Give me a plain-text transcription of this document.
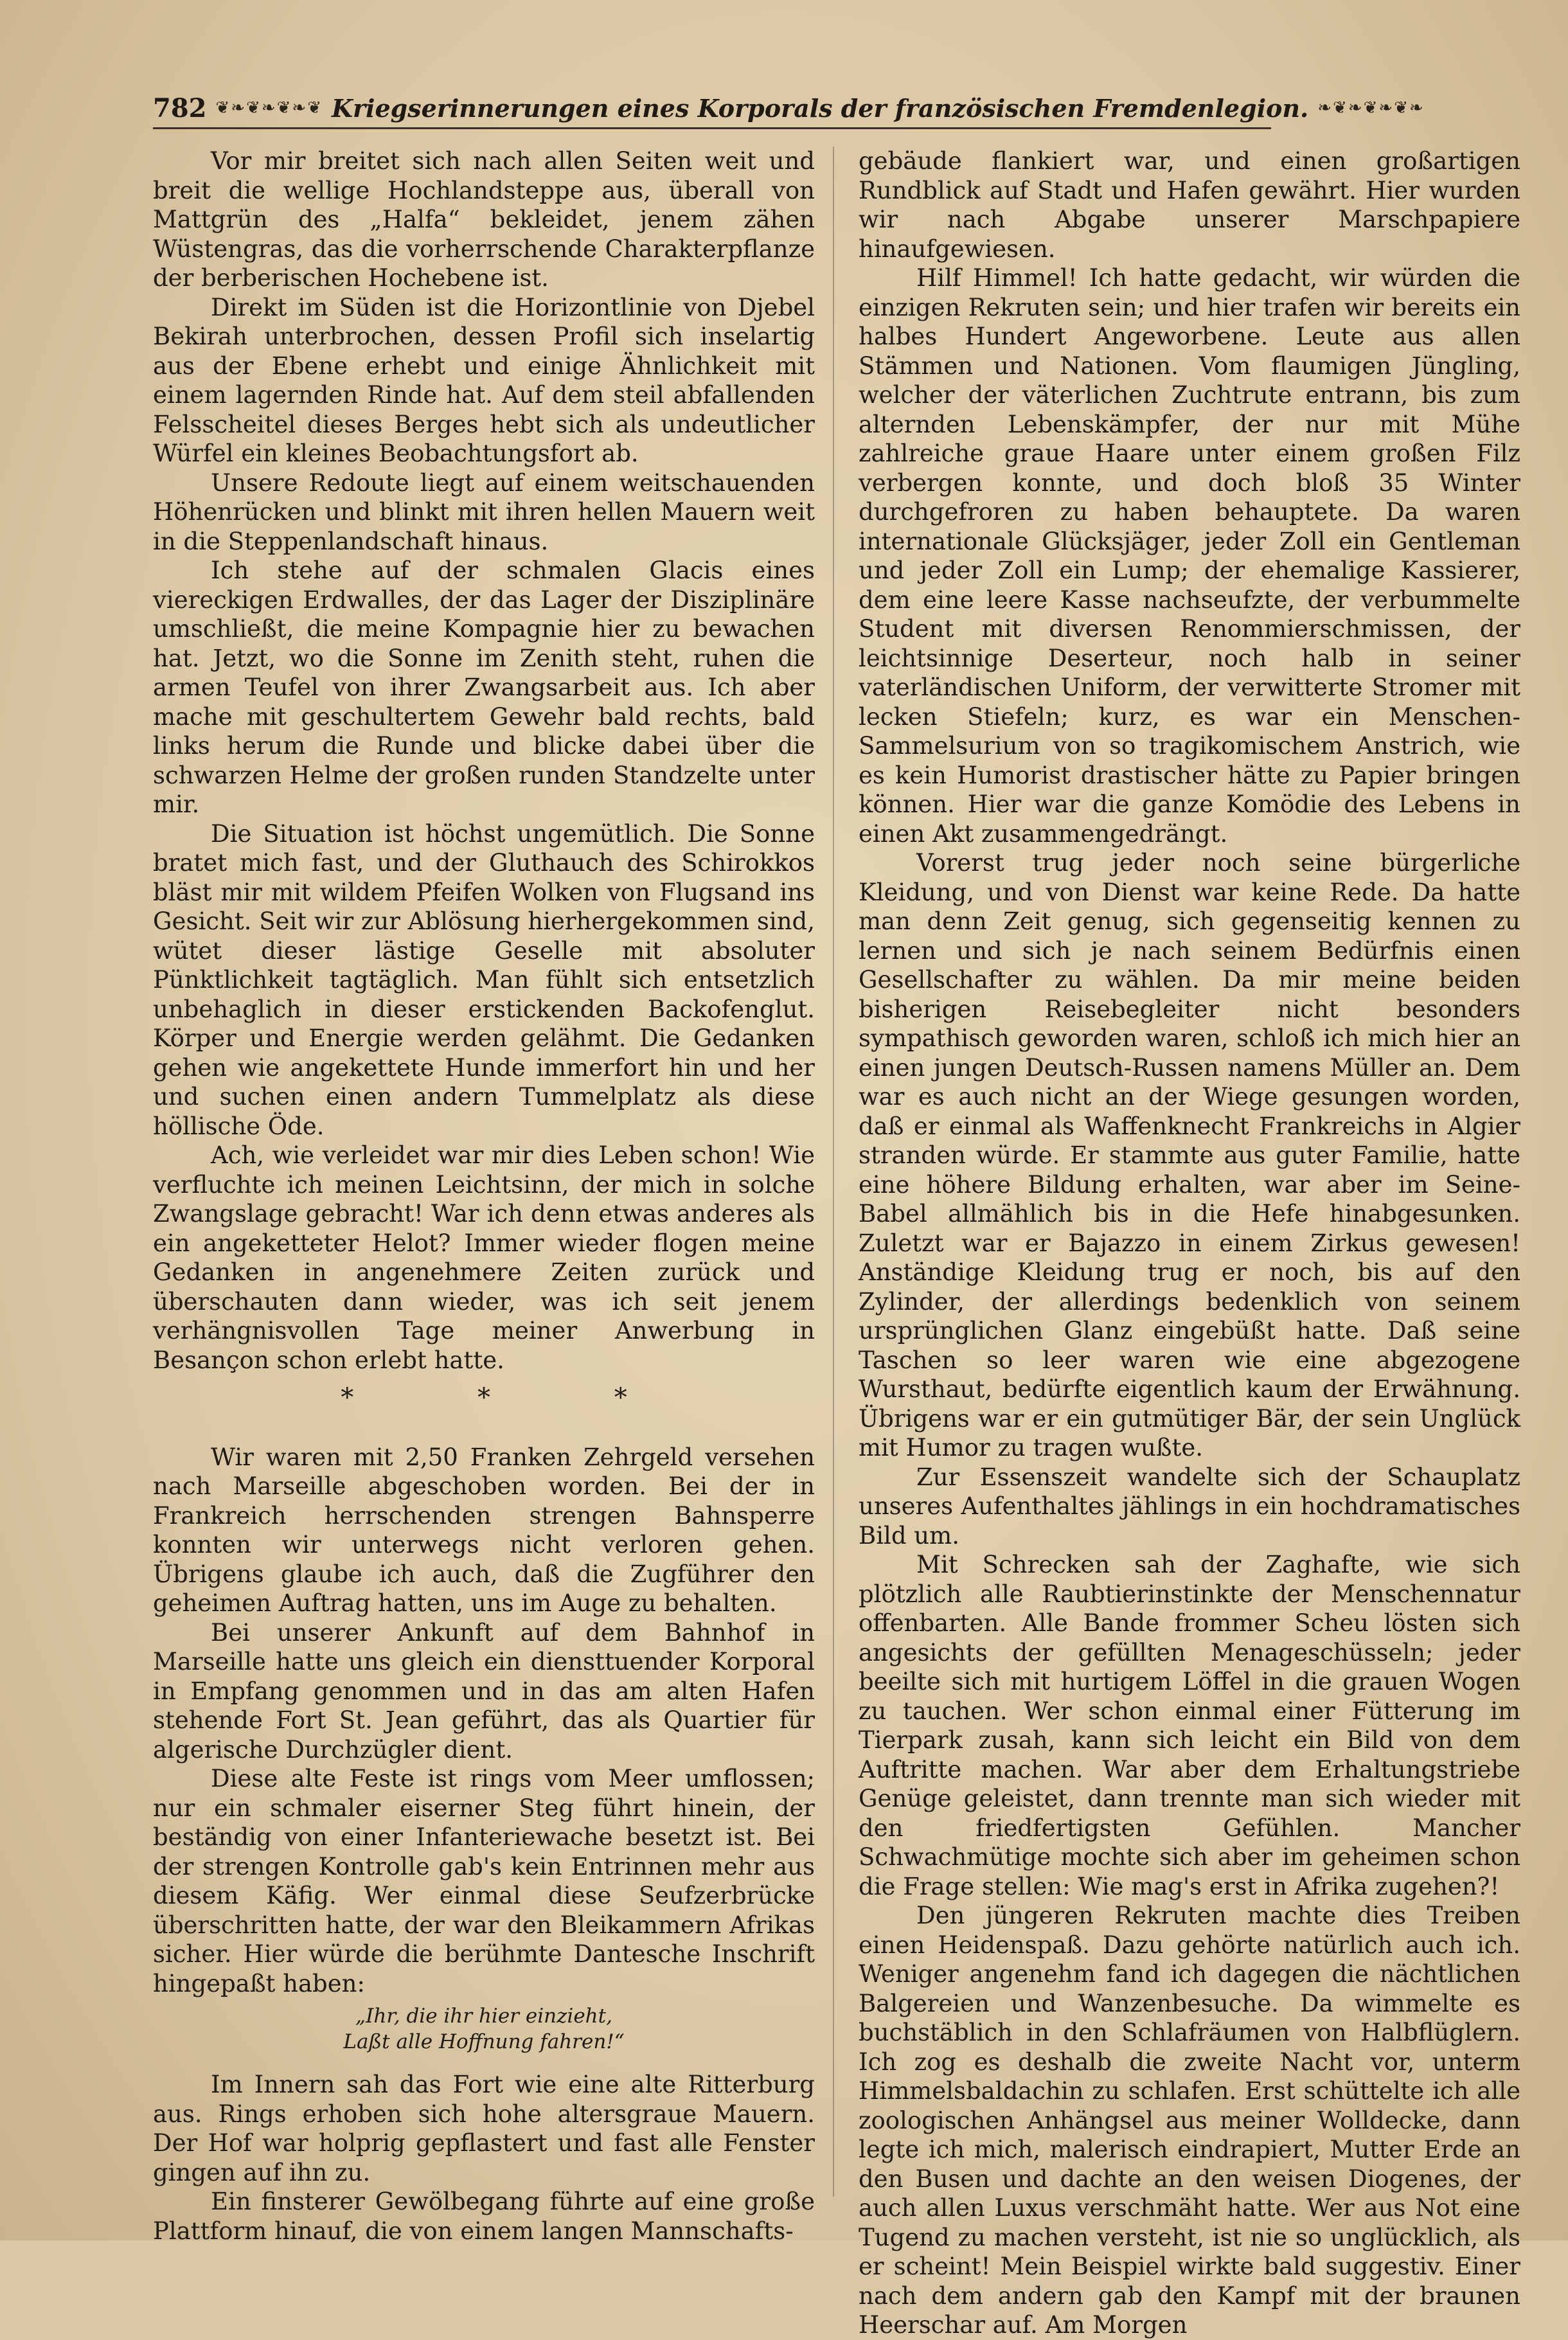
782 ❦❧❦❧❦❧❦ Kriegserinnerungen eines Korporals der französischen Fremdenlegion. ❧❦❧❦❧❦❧

Vor mir breitet sich nach allen Seiten weit und breit die wellige Hochlandsteppe aus, überall von Mattgrün des „Halfa“ bekleidet, jenem zähen Wüstengras, das die vorherrschende Charakterpflanze der berberischen Hochebene ist.

Direkt im Süden ist die Horizontlinie von Djebel Bekirah unterbrochen, dessen Profil sich inselartig aus der Ebene erhebt und einige Ähnlichkeit mit einem lagernden Rinde hat. Auf dem steil abfallenden Felsscheitel dieses Berges hebt sich als undeutlicher Würfel ein kleines Beobachtungsfort ab.

Unsere Redoute liegt auf einem weitschauenden Höhenrücken und blinkt mit ihren hellen Mauern weit in die Steppenlandschaft hinaus.

Ich stehe auf der schmalen Glacis eines viereckigen Erdwalles, der das Lager der Disziplinäre umschließt, die meine Kompagnie hier zu bewachen hat. Jetzt, wo die Sonne im Zenith steht, ruhen die armen Teufel von ihrer Zwangsarbeit aus. Ich aber mache mit geschultertem Gewehr bald rechts, bald links herum die Runde und blicke dabei über die schwarzen Helme der großen runden Standzelte unter mir.

Die Situation ist höchst ungemütlich. Die Sonne bratet mich fast, und der Gluthauch des Schirokkos bläst mir mit wildem Pfeifen Wolken von Flugsand ins Gesicht. Seit wir zur Ablösung hierhergekommen sind, wütet dieser lästige Geselle mit absoluter Pünktlichkeit tagtäglich. Man fühlt sich entsetzlich unbehaglich in dieser erstickenden Backofenglut. Körper und Energie werden gelähmt. Die Gedanken gehen wie angekettete Hunde immerfort hin und her und suchen einen andern Tummelplatz als diese höllische Öde.

Ach, wie verleidet war mir dies Leben schon! Wie verfluchte ich meinen Leichtsinn, der mich in solche Zwangslage gebracht! War ich denn etwas anderes als ein angeketteter Helot? Immer wieder flogen meine Gedanken in angenehmere Zeiten zurück und überschauten dann wieder, was ich seit jenem verhängnisvollen Tage meiner Anwerbung in Besançon schon erlebt hatte.

* * *

Wir waren mit 2,50 Franken Zehrgeld versehen nach Marseille abgeschoben worden. Bei der in Frankreich herrschenden strengen Bahnsperre konnten wir unterwegs nicht verloren gehen. Übrigens glaube ich auch, daß die Zugführer den geheimen Auftrag hatten, uns im Auge zu behalten.

Bei unserer Ankunft auf dem Bahnhof in Marseille hatte uns gleich ein diensttuender Korporal in Empfang genommen und in das am alten Hafen stehende Fort St. Jean geführt, das als Quartier für algerische Durchzügler dient.

Diese alte Feste ist rings vom Meer umflossen; nur ein schmaler eiserner Steg führt hinein, der beständig von einer Infanteriewache besetzt ist. Bei der strengen Kontrolle gab's kein Entrinnen mehr aus diesem Käfig. Wer einmal diese Seufzerbrücke überschritten hatte, der war den Bleikammern Afrikas sicher. Hier würde die berühmte Dantesche Inschrift hingepaßt haben:

„Ihr, die ihr hier einzieht,
Laßt alle Hoffnung fahren!“

Im Innern sah das Fort wie eine alte Ritterburg aus. Rings erhoben sich hohe altersgraue Mauern. Der Hof war holprig gepflastert und fast alle Fenster gingen auf ihn zu.

Ein finsterer Gewölbegang führte auf eine große Plattform hinauf, die von einem langen Mannschafts-

gebäude flankiert war, und einen großartigen Rundblick auf Stadt und Hafen gewährt. Hier wurden wir nach Abgabe unserer Marschpapiere hinaufgewiesen.

Hilf Himmel! Ich hatte gedacht, wir würden die einzigen Rekruten sein; und hier trafen wir bereits ein halbes Hundert Angeworbene. Leute aus allen Stämmen und Nationen. Vom flaumigen Jüngling, welcher der väterlichen Zuchtrute entrann, bis zum alternden Lebenskämpfer, der nur mit Mühe zahlreiche graue Haare unter einem großen Filz verbergen konnte, und doch bloß 35 Winter durchgefroren zu haben behauptete. Da waren internationale Glücksjäger, jeder Zoll ein Gentleman und jeder Zoll ein Lump; der ehemalige Kassierer, dem eine leere Kasse nachseufzte, der verbummelte Student mit diversen Renommierschmissen, der leichtsinnige Deserteur, noch halb in seiner vaterländischen Uniform, der verwitterte Stromer mit lecken Stiefeln; kurz, es war ein Menschen-Sammelsurium von so tragikomischem Anstrich, wie es kein Humorist drastischer hätte zu Papier bringen können. Hier war die ganze Komödie des Lebens in einen Akt zusammengedrängt.

Vorerst trug jeder noch seine bürgerliche Kleidung, und von Dienst war keine Rede. Da hatte man denn Zeit genug, sich gegenseitig kennen zu lernen und sich je nach seinem Bedürfnis einen Gesellschafter zu wählen. Da mir meine beiden bisherigen Reisebegleiter nicht besonders sympathisch geworden waren, schloß ich mich hier an einen jungen Deutsch-Russen namens Müller an. Dem war es auch nicht an der Wiege gesungen worden, daß er einmal als Waffenknecht Frankreichs in Algier stranden würde. Er stammte aus guter Familie, hatte eine höhere Bildung erhalten, war aber im Seine-Babel allmählich bis in die Hefe hinabgesunken. Zuletzt war er Bajazzo in einem Zirkus gewesen! Anständige Kleidung trug er noch, bis auf den Zylinder, der allerdings bedenklich von seinem ursprünglichen Glanz eingebüßt hatte. Daß seine Taschen so leer waren wie eine abgezogene Wursthaut, bedürfte eigentlich kaum der Erwähnung. Übrigens war er ein gutmütiger Bär, der sein Unglück mit Humor zu tragen wußte.

Zur Essenszeit wandelte sich der Schauplatz unseres Aufenthaltes jählings in ein hochdramatisches Bild um.

Mit Schrecken sah der Zaghafte, wie sich plötzlich alle Raubtierinstinkte der Menschennatur offenbarten. Alle Bande frommer Scheu lösten sich angesichts der gefüllten Menageschüsseln; jeder beeilte sich mit hurtigem Löffel in die grauen Wogen zu tauchen. Wer schon einmal einer Fütterung im Tierpark zusah, kann sich leicht ein Bild von dem Auftritte machen. War aber dem Erhaltungstriebe Genüge geleistet, dann trennte man sich wieder mit den friedfertigsten Gefühlen. Mancher Schwachmütige mochte sich aber im geheimen schon die Frage stellen: Wie mag's erst in Afrika zugehen?!

Den jüngeren Rekruten machte dies Treiben einen Heidenspaß. Dazu gehörte natürlich auch ich. Weniger angenehm fand ich dagegen die nächtlichen Balgereien und Wanzenbesuche. Da wimmelte es buchstäblich in den Schlafräumen von Halbflüglern. Ich zog es deshalb die zweite Nacht vor, unterm Himmelsbaldachin zu schlafen. Erst schüttelte ich alle zoologischen Anhängsel aus meiner Wolldecke, dann legte ich mich, malerisch eindrapiert, Mutter Erde an den Busen und dachte an den weisen Diogenes, der auch allen Luxus verschmäht hatte. Wer aus Not eine Tugend zu machen versteht, ist nie so unglücklich, als er scheint! Mein Beispiel wirkte bald suggestiv. Einer nach dem andern gab den Kampf mit der braunen Heerschar auf. Am Morgen
